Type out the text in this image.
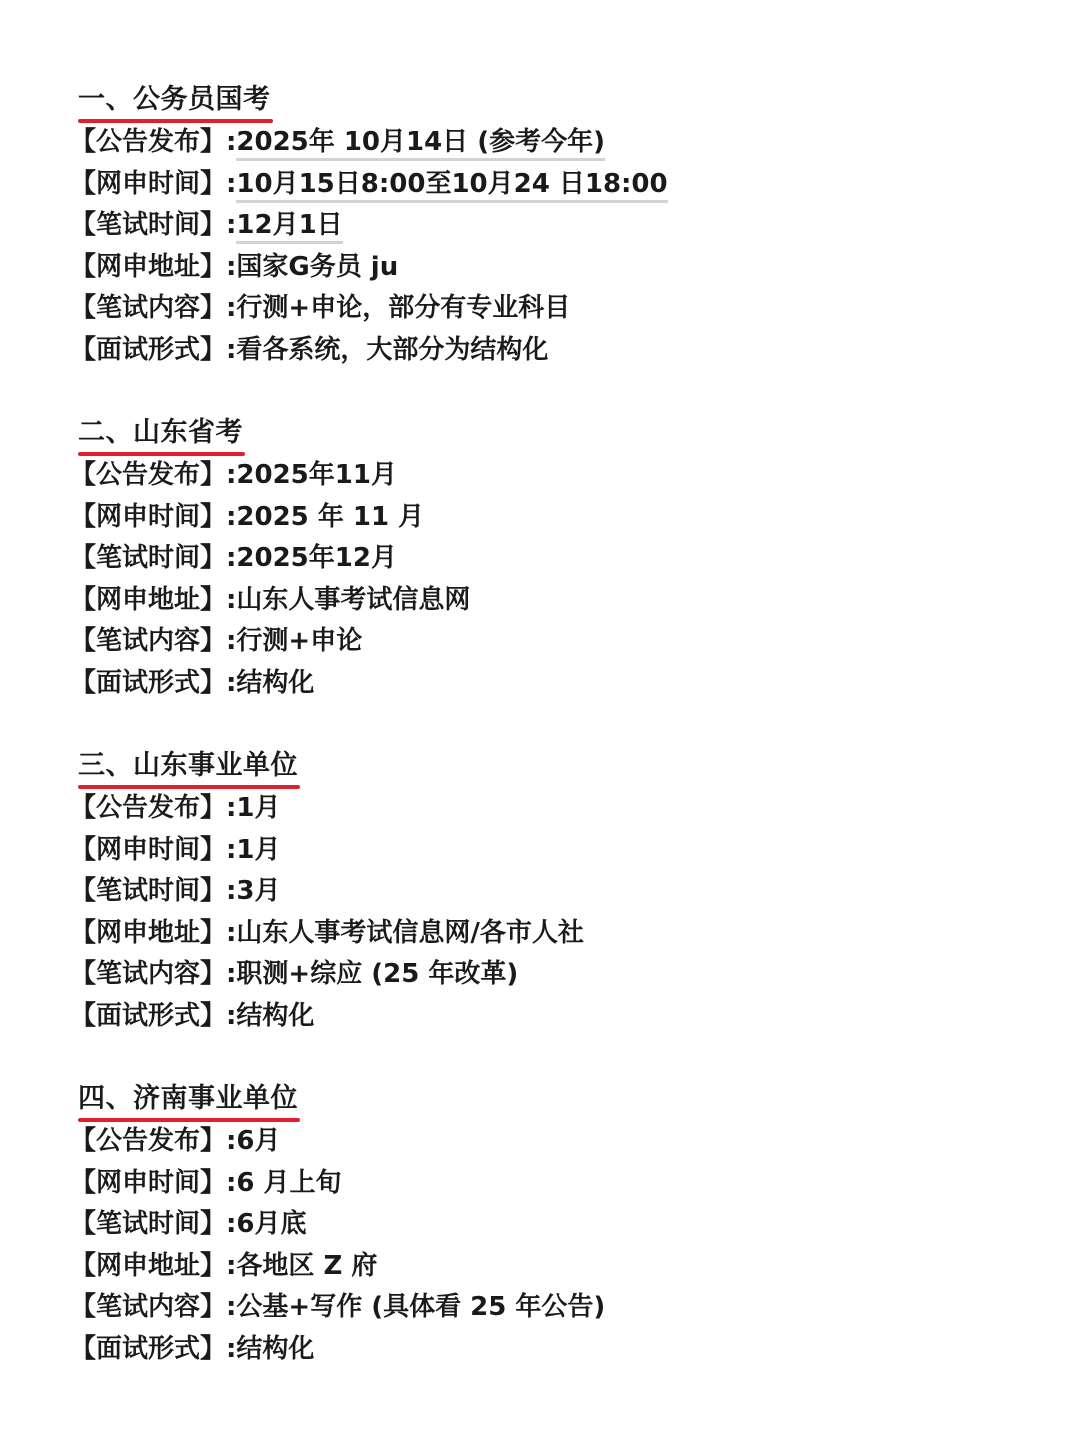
一、公务员国考
【公告发布】:2025年 10月14日 (参考今年)
【网申时间】:10月15日8:00至10月24 日18:00
【笔试时间】:12月1日
【网申地址】:国家G务员 ju
【笔试内容】:行测+申论，部分有专业科目
【面试形式】:看各系统，大部分为结构化
二、山东省考
【公告发布】:2025年11月
【网申时间】:2025 年 11 月
【笔试时间】:2025年12月
【网申地址】:山东人事考试信息网
【笔试内容】:行测+申论
【面试形式】:结构化
三、山东事业单位
【公告发布】:1月
【网申时间】:1月
【笔试时间】:3月
【网申地址】:山东人事考试信息网/各市人社
【笔试内容】:职测+综应 (25 年改革)
【面试形式】:结构化
四、济南事业单位
【公告发布】:6月
【网申时间】:6 月上旬
【笔试时间】:6月底
【网申地址】:各地区 Z 府
【笔试内容】:公基+写作 (具体看 25 年公告)
【面试形式】:结构化
